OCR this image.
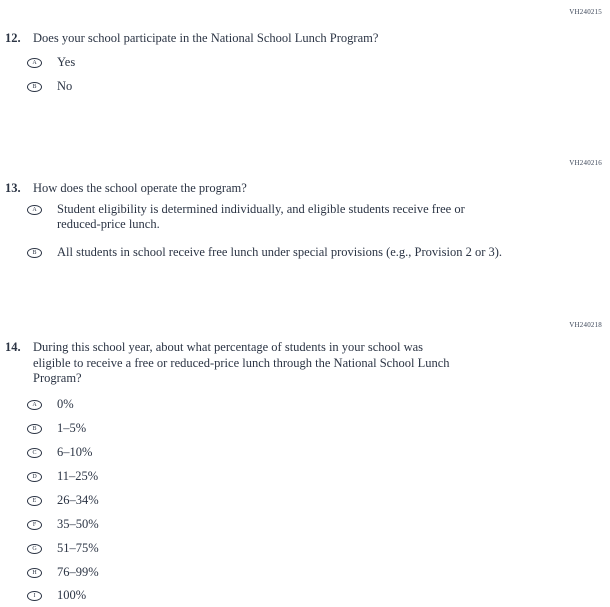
VH240215
12. Does your school participate in the National School Lunch Program?
A Yes
B No
VH240216
13. How does the school operate the program?
A Student eligibility is determined individually, and eligible students receive free or
reduced-price lunch.
B All students in school receive free lunch under special provisions (e.g., Provision 2 or 3).
VH240218
14. During this school year, about what percentage of students in your school was
eligible to receive a free or reduced-price lunch through the National School Lunch
Program?
A 0%
B 1–5%
C 6–10%
D 11–25%
E 26–34%
F 35–50%
G 51–75%
H 76–99%
I 100%
